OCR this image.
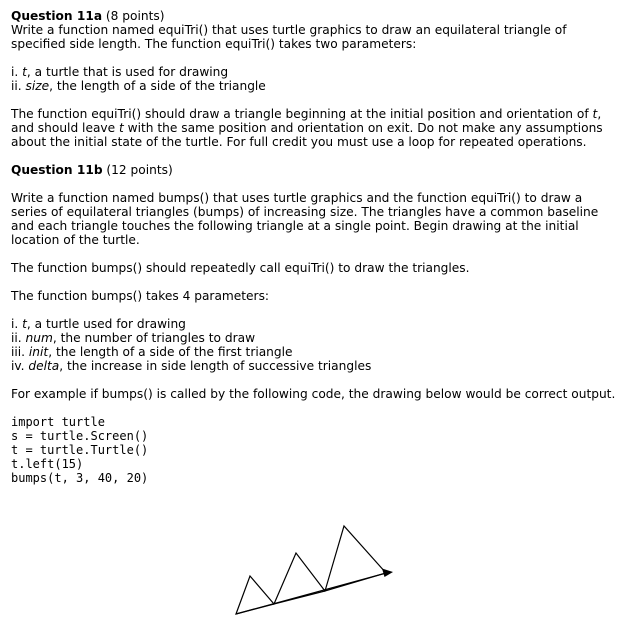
Question 11a (8 points)

Write a function named equiTri() that uses turtle graphics to draw an equilateral triangle of specified side length. The function equiTri() takes two parameters:

i. t, a turtle that is used for drawing

ii. size, the length of a side of the triangle

The function equiTri() should draw a triangle beginning at the initial position and orientation of t, and should leave t with the same position and orientation on exit. Do not make any assumptions about the initial state of the turtle. For full credit you must use a loop for repeated operations.

Question 11b (12 points)

Write a function named bumps() that uses turtle graphics and the function equiTri() to draw a series of equilateral triangles (bumps) of increasing size. The triangles have a common baseline and each triangle touches the following triangle at a single point. Begin drawing at the initial location of the turtle.

The function bumps() should repeatedly call equiTri() to draw the triangles.

The function bumps() takes 4 parameters:

i. t, a turtle used for drawing

ii. num, the number of triangles to draw

iii. init, the length of a side of the first triangle

iv. delta, the increase in side length of successive triangles

For example if bumps() is called by the following code, the drawing below would be correct output.

import turtle
s = turtle.Screen()
t = turtle.Turtle()
t.left(15)
bumps(t, 3, 40, 20)
